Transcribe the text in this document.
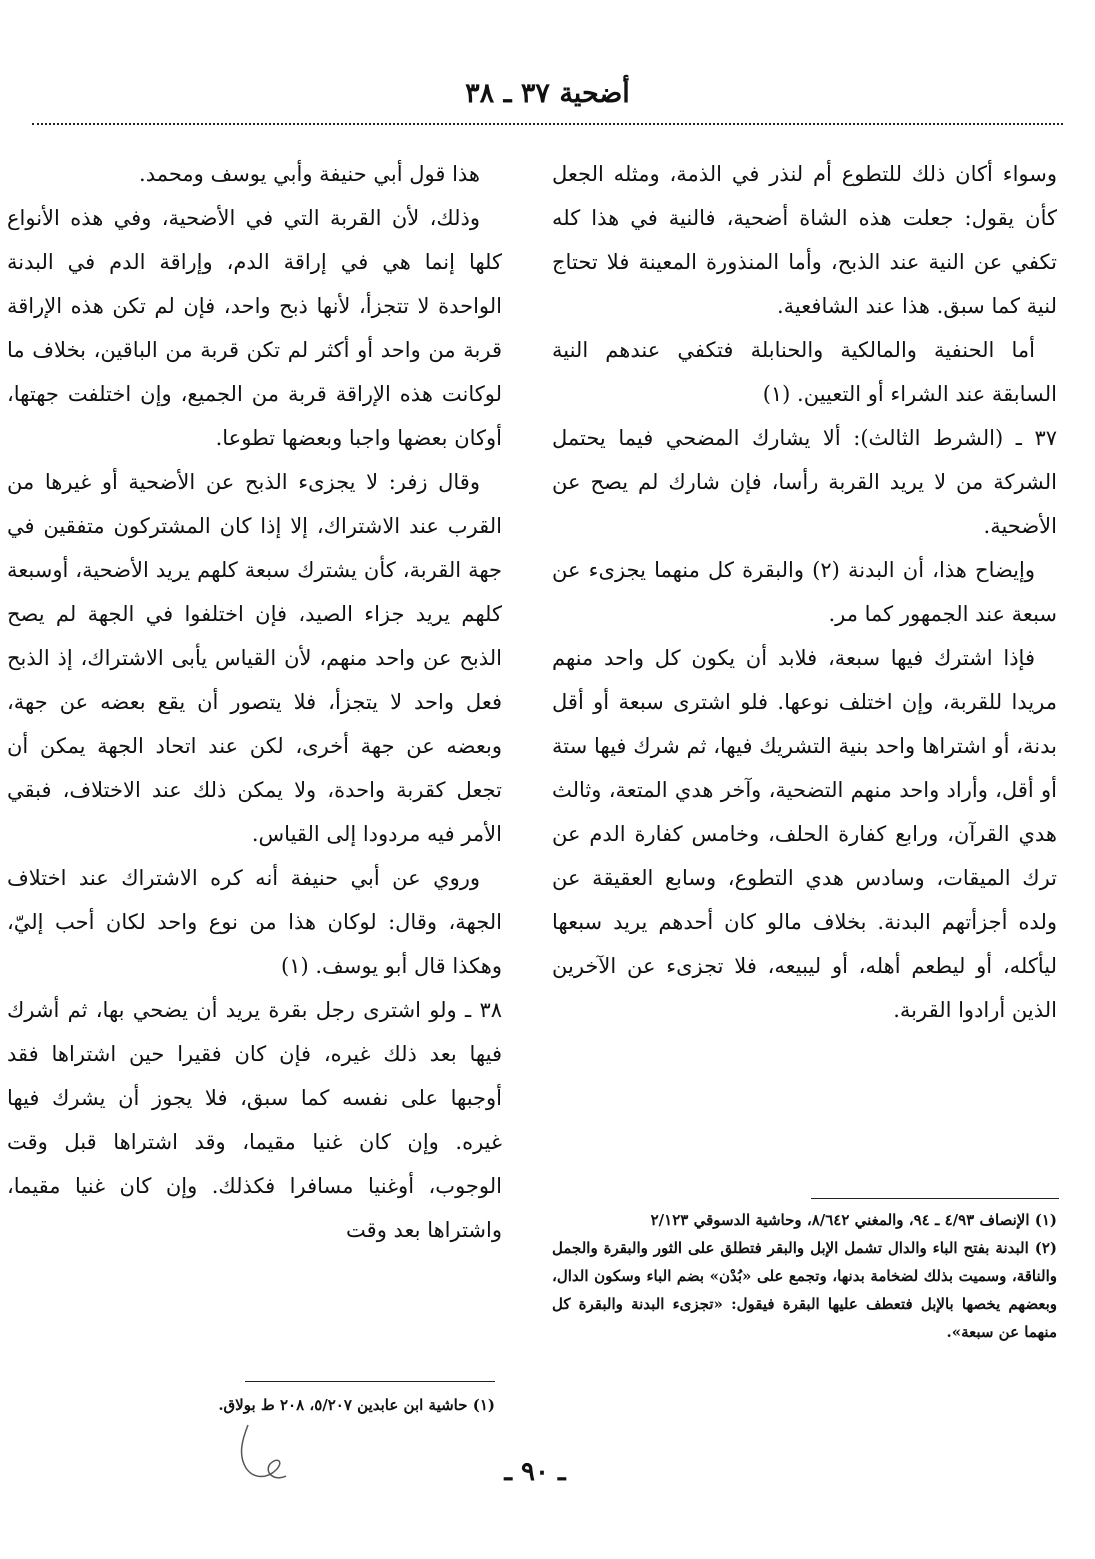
أضحية ٣٧ ـ ٣٨

وسواء أكان ذلك للتطوع أم لنذر في الذمة، ومثله الجعل كأن يقول: جعلت هذه الشاة أضحية، فالنية في هذا كله تكفي عن النية عند الذبح، وأما المنذورة المعينة فلا تحتاج لنية كما سبق. هذا عند الشافعية.

أما الحنفية والمالكية والحنابلة فتكفي عندهم النية السابقة عند الشراء أو التعيين. (١)

٣٧ ـ (الشرط الثالث): ألا يشارك المضحي فيما يحتمل الشركة من لا يريد القربة رأسا، فإن شارك لم يصح عن الأضحية.

وإيضاح هذا، أن البدنة (٢) والبقرة كل منهما يجزىء عن سبعة عند الجمهور كما مر.

فإذا اشترك فيها سبعة، فلابد أن يكون كل واحد منهم مريدا للقربة، وإن اختلف نوعها. فلو اشترى سبعة أو أقل بدنة، أو اشتراها واحد بنية التشريك فيها، ثم شرك فيها ستة أو أقل، وأراد واحد منهم التضحية، وآخر هدي المتعة، وثالث هدي القرآن، ورابع كفارة الحلف، وخامس كفارة الدم عن ترك الميقات، وسادس هدي التطوع، وسابع العقيقة عن ولده أجزأتهم البدنة. بخلاف مالو كان أحدهم يريد سبعها ليأكله، أو ليطعم أهله، أو ليبيعه، فلا تجزىء عن الآخرين الذين أرادوا القربة.

هذا قول أبي حنيفة وأبي يوسف ومحمد.

وذلك، لأن القربة التي في الأضحية، وفي هذه الأنواع كلها إنما هي في إراقة الدم، وإراقة الدم في البدنة الواحدة لا تتجزأ، لأنها ذبح واحد، فإن لم تكن هذه الإراقة قربة من واحد أو أكثر لم تكن قربة من الباقين، بخلاف ما لوكانت هذه الإراقة قربة من الجميع، وإن اختلفت جهتها، أوكان بعضها واجبا وبعضها تطوعا.

وقال زفر: لا يجزىء الذبح عن الأضحية أو غيرها من القرب عند الاشتراك، إلا إذا كان المشتركون متفقين في جهة القربة، كأن يشترك سبعة كلهم يريد الأضحية، أوسبعة كلهم يريد جزاء الصيد، فإن اختلفوا في الجهة لم يصح الذبح عن واحد منهم، لأن القياس يأبى الاشتراك، إذ الذبح فعل واحد لا يتجزأ، فلا يتصور أن يقع بعضه عن جهة، وبعضه عن جهة أخرى، لكن عند اتحاد الجهة يمكن أن تجعل كقربة واحدة، ولا يمكن ذلك عند الاختلاف، فبقي الأمر فيه مردودا إلى القياس.

وروي عن أبي حنيفة أنه كره الاشتراك عند اختلاف الجهة، وقال: لوكان هذا من نوع واحد لكان أحب إليّ، وهكذا قال أبو يوسف. (١)

٣٨ ـ ولو اشترى رجل بقرة يريد أن يضحي بها، ثم أشرك فيها بعد ذلك غيره، فإن كان فقيرا حين اشتراها فقد أوجبها على نفسه كما سبق، فلا يجوز أن يشرك فيها غيره. وإن كان غنيا مقيما، وقد اشتراها قبل وقت الوجوب، أوغنيا مسافرا فكذلك. وإن كان غنيا مقيما، واشتراها بعد وقت	(١) الإنصاف ٤/٩٣ ـ ٩٤، والمغني ٨/٦٤٢، وحاشية الدسوقي ٢/١٢٣

(٢) البدنة بفتح الباء والدال تشمل الإبل والبقر فتطلق على الثور والبقرة والجمل والناقة، وسميت بذلك لضخامة بدنها، وتجمع على «بُدْن» بضم الباء وسكون الدال، وبعضهم يخصها بالإبل فتعطف عليها البقرة فيقول: «تجزىء البدنة والبقرة كل منهما عن سبعة».

(١) حاشية ابن عابدين ٥/٢٠٧، ٢٠٨ ط بولاق.

ـ ٩٠ ـ
